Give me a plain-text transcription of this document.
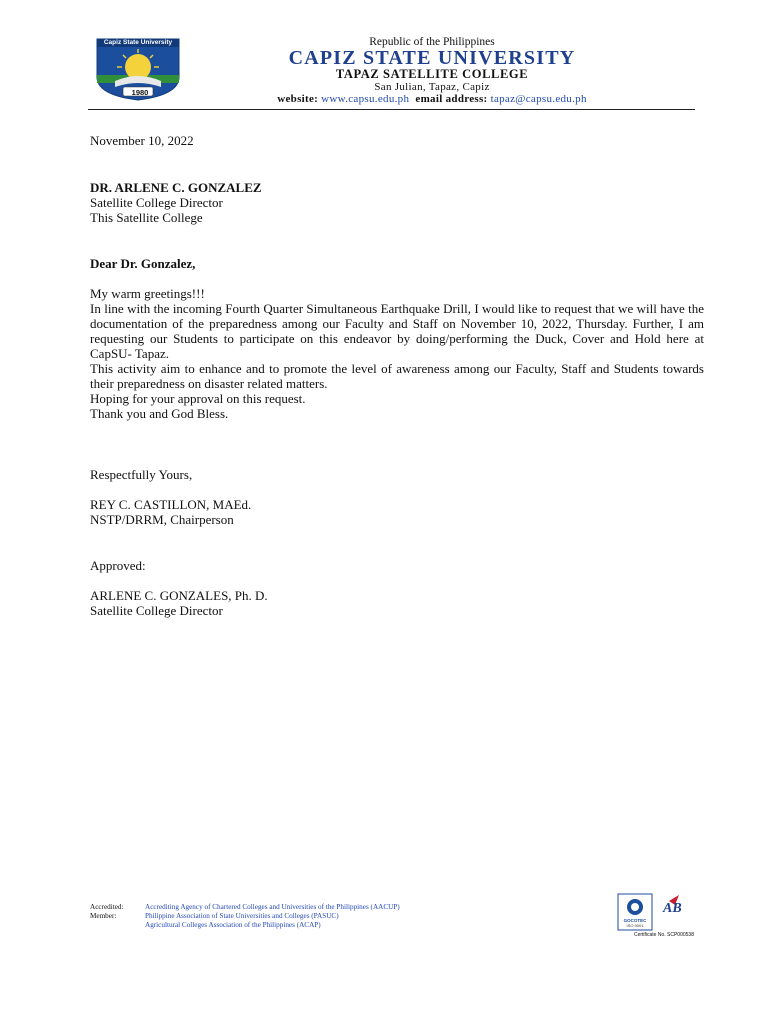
Capiz State University
1980
Republic of the Philippines
CAPIZ STATE UNIVERSITY
TAPAZ SATELLITE COLLEGE
San Julian, Tapaz, Capiz
website: www.capsu.edu.ph email address: tapaz@capsu.edu.ph
November 10, 2022
DR. ARLENE C. GONZALEZ
Satellite College Director
This Satellite College
Dear Dr. Gonzalez,
My warm greetings!!!
In line with the incoming Fourth Quarter Simultaneous Earthquake Drill, I would like to request that we will have the documentation of the preparedness among our Faculty and Staff on November 10, 2022, Thursday. Further, I am requesting our Students to participate on this endeavor by doing/performing the Duck, Cover and Hold here at CapSU- Tapaz.
This activity aim to enhance and to promote the level of awareness among our Faculty, Staff and Students towards their preparedness on disaster related matters.
Hoping for your approval on this request.
Thank you and God Bless.
Respectfully Yours,
REY C. CASTILLON, MAEd.
NSTP/DRRM, Chairperson
Approved:
ARLENE C. GONZALES, Ph. D.
Satellite College Director
Accredited:	Accrediting Agency of Chartered Colleges and Universities of the Philippines (AACUP)
Member:	Philippine Association of State Universities and Colleges (PASUC)
Agricultural Colleges Association of the Philippines (ACAP)
GOCOTEC
ISO 9001
AB
Certificate No. SCP000538
